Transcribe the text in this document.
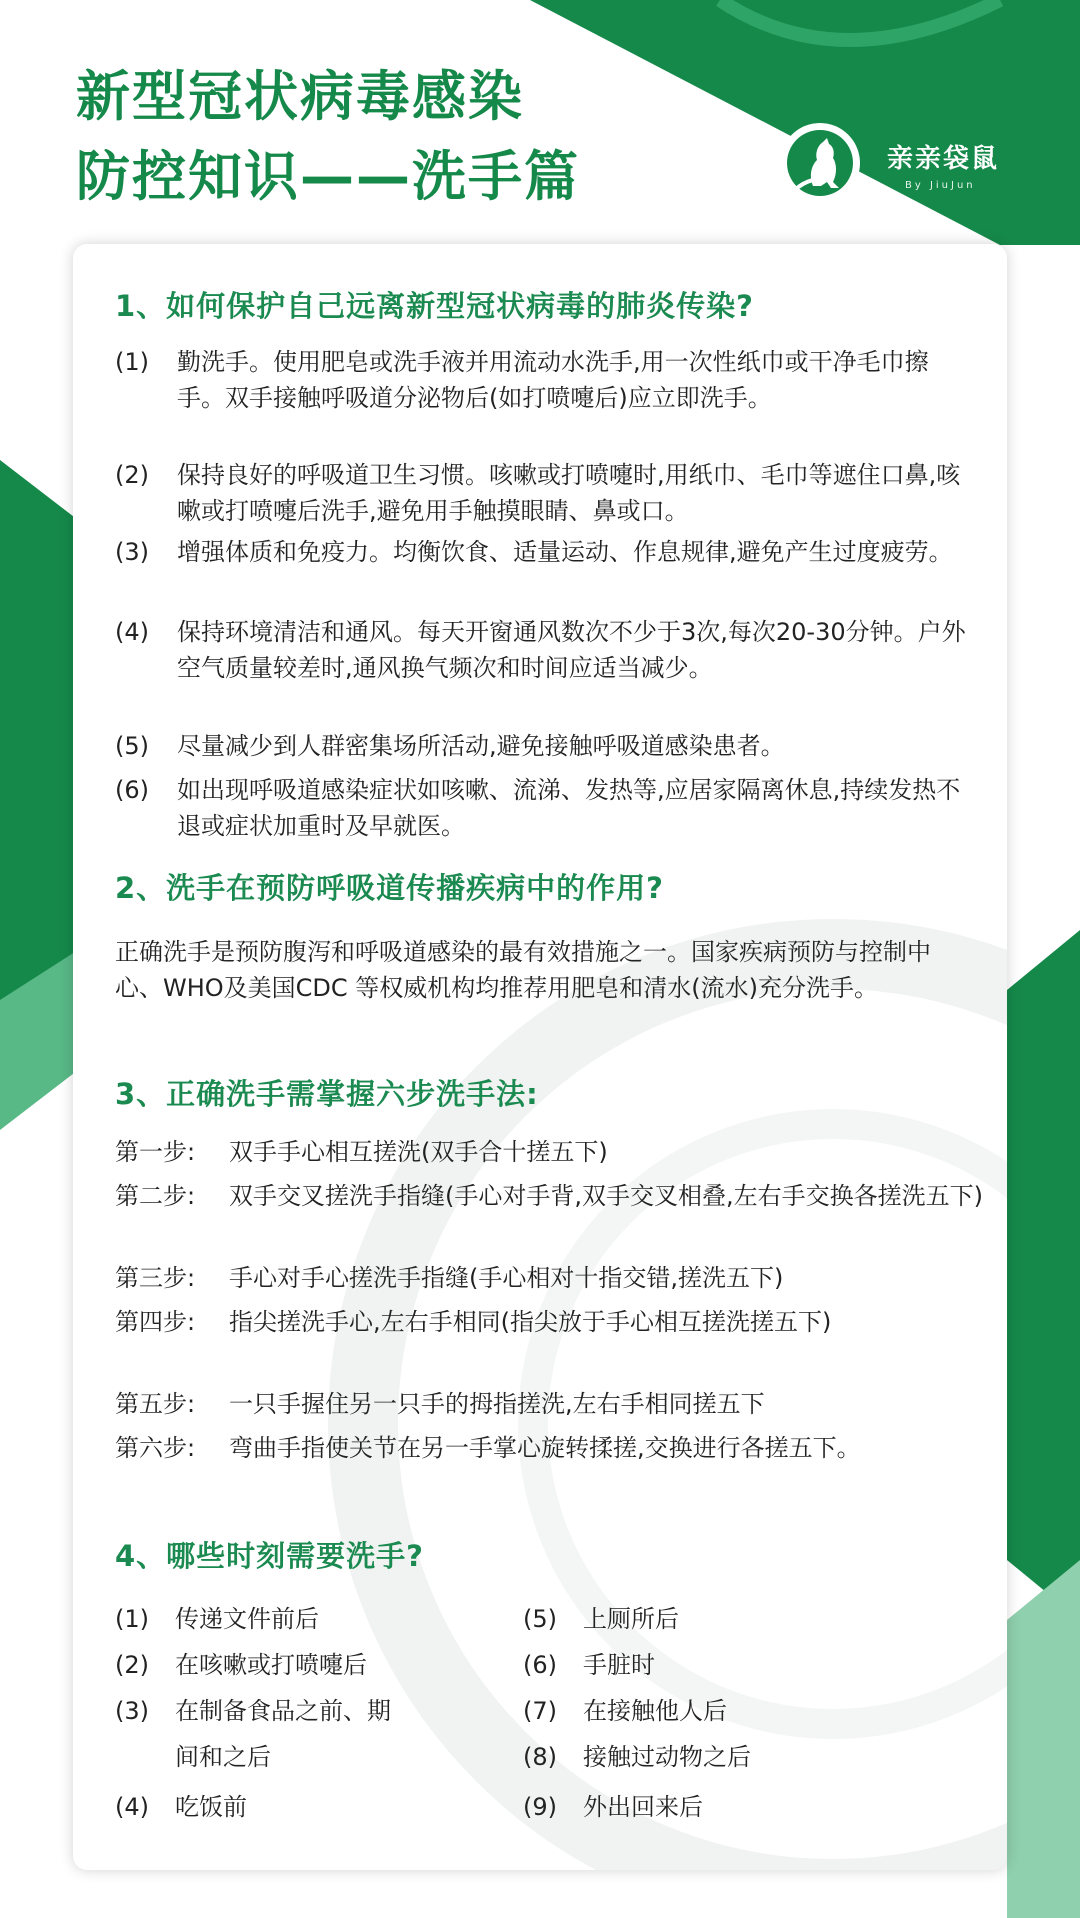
新型冠状病毒感染
防控知识——洗手篇	亲亲袋鼠
By JiuJun
1、如何保护自己远离新型冠状病毒的肺炎传染?
(1) 勤洗手。使用肥皂或洗手液并用流动水洗手,用一次性纸巾或干净毛巾擦手。双手接触呼吸道分泌物后(如打喷嚏后)应立即洗手。
(2) 保持良好的呼吸道卫生习惯。咳嗽或打喷嚏时,用纸巾、毛巾等遮住口鼻,咳嗽或打喷嚏后洗手,避免用手触摸眼睛、鼻或口。
(3) 增强体质和免疫力。均衡饮食、适量运动、作息规律,避免产生过度疲劳。
(4) 保持环境清洁和通风。每天开窗通风数次不少于3次,每次20-30分钟。户外空气质量较差时,通风换气频次和时间应适当减少。
(5) 尽量减少到人群密集场所活动,避免接触呼吸道感染患者。
(6) 如出现呼吸道感染症状如咳嗽、流涕、发热等,应居家隔离休息,持续发热不退或症状加重时及早就医。
2、洗手在预防呼吸道传播疾病中的作用?
正确洗手是预防腹泻和呼吸道感染的最有效措施之一。国家疾病预防与控制中心、WHO及美国CDC 等权威机构均推荐用肥皂和清水(流水)充分洗手。
3、正确洗手需掌握六步洗手法:
第一步: 双手手心相互搓洗(双手合十搓五下)
第二步: 双手交叉搓洗手指缝(手心对手背,双手交叉相叠,左右手交换各搓洗五下)
第三步: 手心对手心搓洗手指缝(手心相对十指交错,搓洗五下)
第四步: 指尖搓洗手心,左右手相同(指尖放于手心相互搓洗搓五下)
第五步: 一只手握住另一只手的拇指搓洗,左右手相同搓五下
第六步: 弯曲手指使关节在另一手掌心旋转揉搓,交换进行各搓五下。
4、哪些时刻需要洗手?
(1) 传递文件前后
(2) 在咳嗽或打喷嚏后
(3) 在制备食品之前、期间和之后
(4) 吃饭前
(5) 上厕所后
(6) 手脏时
(7) 在接触他人后
(8) 接触过动物之后
(9) 外出回来后
